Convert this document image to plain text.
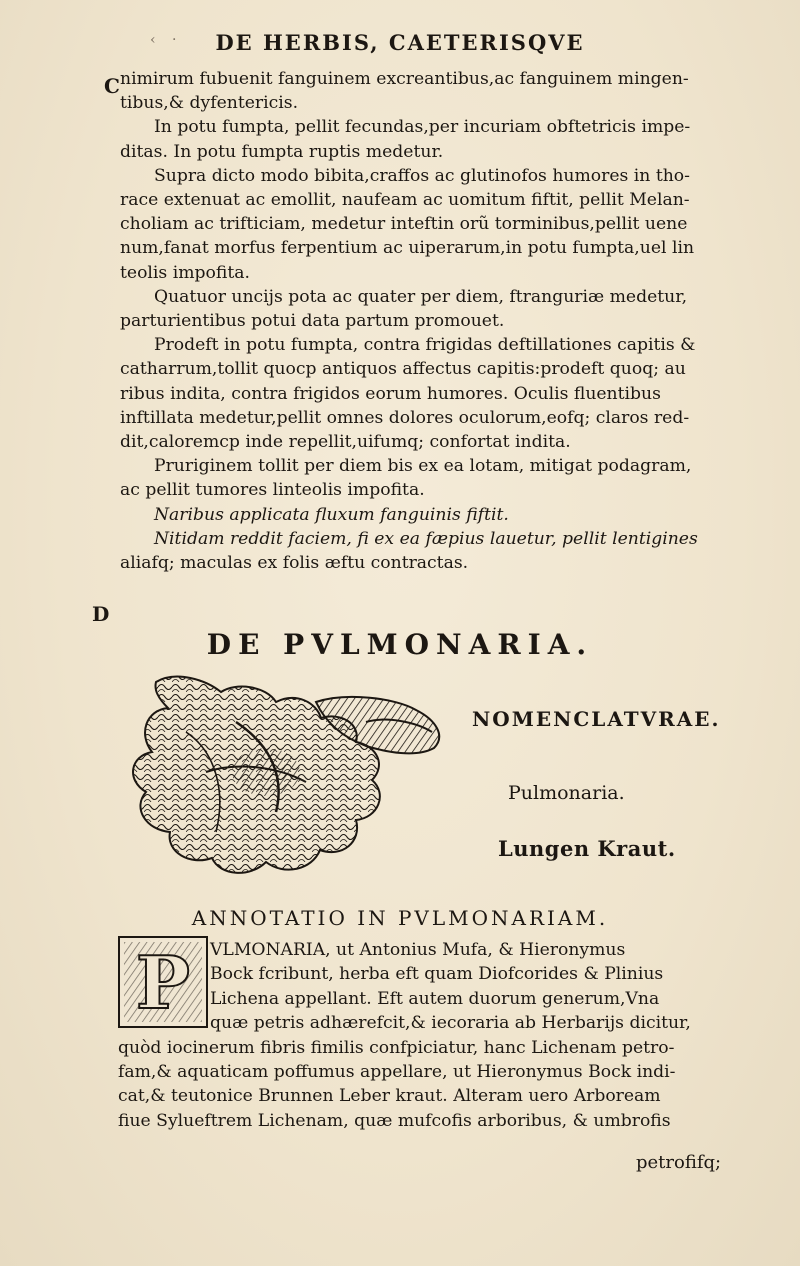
‹ · DE HERBIS, CAETERISQVE
C
D
nimirum fubuenit fanguinem excreantibus,ac fanguinem mingen-
tibus,& dyfentericis.
In potu fumpta, pellit fecundas,per incuriam obftetricis impe-
ditas. In potu fumpta ruptis medetur.
Supra dicto modo bibita,craffos ac glutinofos humores in tho-
race extenuat ac emollit, naufeam ac uomitum fiftit, pellit Melan-
choliam ac trifticiam, medetur inteftin orũ torminibus,pellit uene
num,fanat morfus ferpentium ac uiperarum,in potu fumpta,uel lin
teolis impofita.
Quatuor uncijs pota ac quater per diem, ftranguriæ medetur,
parturientibus potui data partum promouet.
Prodeft in potu fumpta, contra frigidas deftillationes capitis &
catharrum,tollit quocp antiquos affectus capitis:prodeft quoq; au
ribus indita, contra frigidos eorum humores. Oculis fluentibus
inftillata medetur,pellit omnes dolores oculorum,eofq; claros red-
dit,caloremcp inde repellit,uifumq; confortat indita.
Pruriginem tollit per diem bis ex ea lotam, mitigat podagram,
ac pellit tumores linteolis impofita.
Naribus applicata fluxum fanguinis fiftit.
Nitidam reddit faciem, fi ex ea fæpius lauetur, pellit lentigines
aliafq; maculas ex folis æftu contractas.
DE PVLMONARIA.
NOMENCLATVRAE.
Pulmonaria.
Lungen Kraut.
ANNOTATIO IN PVLMONARIAM.
P	VLMONARIA, ut Antonius Mufa, & Hieronymus
Bock fcribunt, herba eft quam Diofcorides & Plinius
Lichena appellant. Eft autem duorum generum,Vna
quæ petris adhærefcit,& iecoraria ab Herbarijs dicitur,
quòd iocinerum fibris fimilis confpiciatur, hanc Lichenam petro-
fam,& aquaticam poffumus appellare, ut Hieronymus Bock indi-
cat,& teutonice Brunnen Leber kraut. Alteram uero Arboream
fiue Sylueftrem Lichenam, quæ mufcofis arboribus, & umbrofis
petrofifq;
